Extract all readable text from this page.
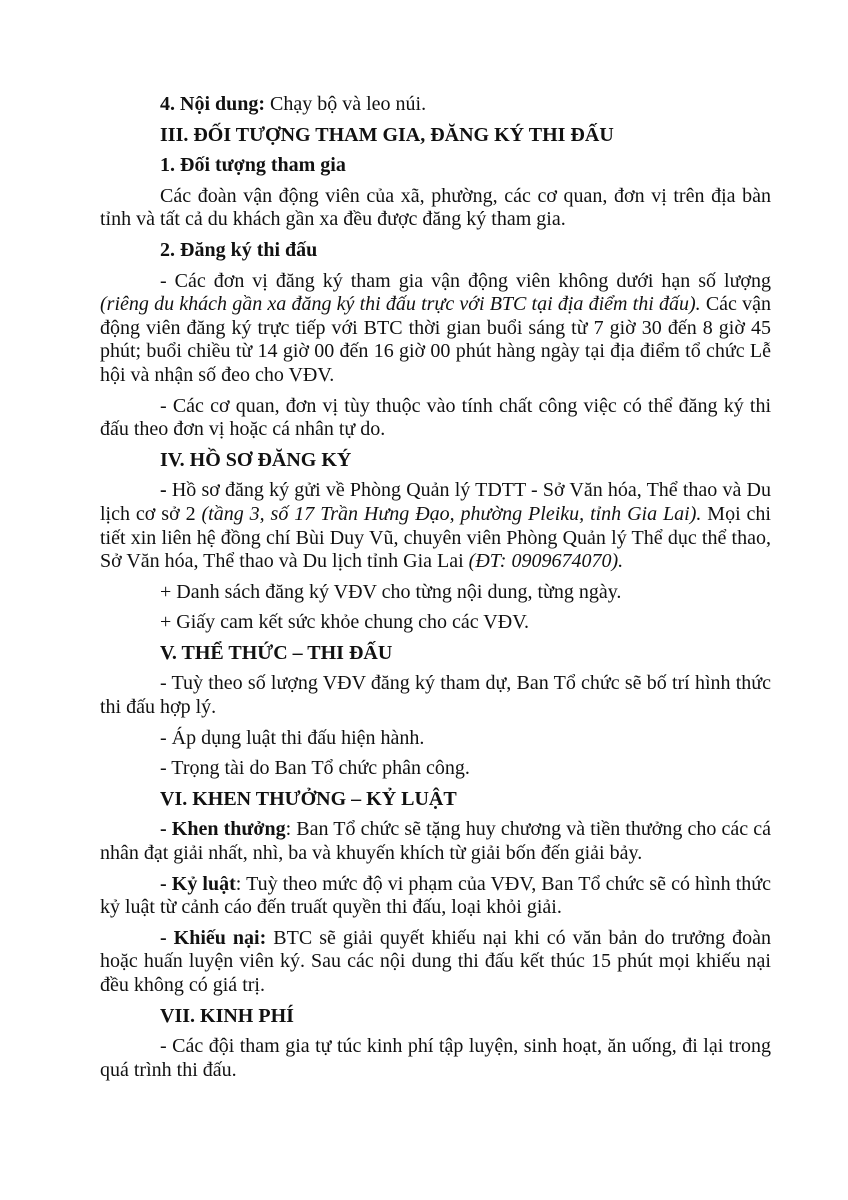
4. Nội dung: Chạy bộ và leo núi.

III. ĐỐI TƯỢNG THAM GIA, ĐĂNG KÝ THI ĐẤU

1. Đối tượng tham gia

Các đoàn vận động viên của xã, phường, các cơ quan, đơn vị trên địa bàn tỉnh và tất cả du khách gần xa đều được đăng ký tham gia.

2. Đăng ký thi đấu

- Các đơn vị đăng ký tham gia vận động viên không dưới hạn số lượng (riêng du khách gần xa đăng ký thi đấu trực với BTC tại địa điểm thi đấu). Các vận động viên đăng ký trực tiếp với BTC thời gian buổi sáng từ 7 giờ 30 đến 8 giờ 45 phút; buổi chiều từ 14 giờ 00 đến 16 giờ 00 phút hàng ngày tại địa điểm tổ chức Lễ hội và nhận số đeo cho VĐV.

- Các cơ quan, đơn vị tùy thuộc vào tính chất công việc có thể đăng ký thi đấu theo đơn vị hoặc cá nhân tự do.

IV. HỒ SƠ ĐĂNG KÝ

- Hồ sơ đăng ký gửi về Phòng Quản lý TDTT - Sở Văn hóa, Thể thao và Du lịch cơ sở 2 (tầng 3, số 17 Trần Hưng Đạo, phường Pleiku, tỉnh Gia Lai). Mọi chi tiết xin liên hệ đồng chí Bùi Duy Vũ, chuyên viên Phòng Quản lý Thể dục thể thao, Sở Văn hóa, Thể thao và Du lịch tỉnh Gia Lai (ĐT: 0909674070).

+ Danh sách đăng ký VĐV cho từng nội dung, từng ngày.

+ Giấy cam kết sức khỏe chung cho các VĐV.

V. THỂ THỨC – THI ĐẤU

- Tuỳ theo số lượng VĐV đăng ký tham dự, Ban Tổ chức sẽ bố trí hình thức thi đấu hợp lý.

- Áp dụng luật thi đấu hiện hành.

- Trọng tài do Ban Tổ chức phân công.

VI. KHEN THƯỞNG – KỶ LUẬT

- Khen thưởng: Ban Tổ chức sẽ tặng huy chương và tiền thưởng cho các cá nhân đạt giải nhất, nhì, ba và khuyến khích từ giải bốn đến giải bảy.

- Kỷ luật: Tuỳ theo mức độ vi phạm của VĐV, Ban Tổ chức sẽ có hình thức kỷ luật từ cảnh cáo đến truất quyền thi đấu, loại khỏi giải.

- Khiếu nại: BTC sẽ giải quyết khiếu nại khi có văn bản do trưởng đoàn hoặc huấn luyện viên ký. Sau các nội dung thi đấu kết thúc 15 phút mọi khiếu nại đều không có giá trị.

VII. KINH PHÍ

- Các đội tham gia tự túc kinh phí tập luyện, sinh hoạt, ăn uống, đi lại trong quá trình thi đấu.
